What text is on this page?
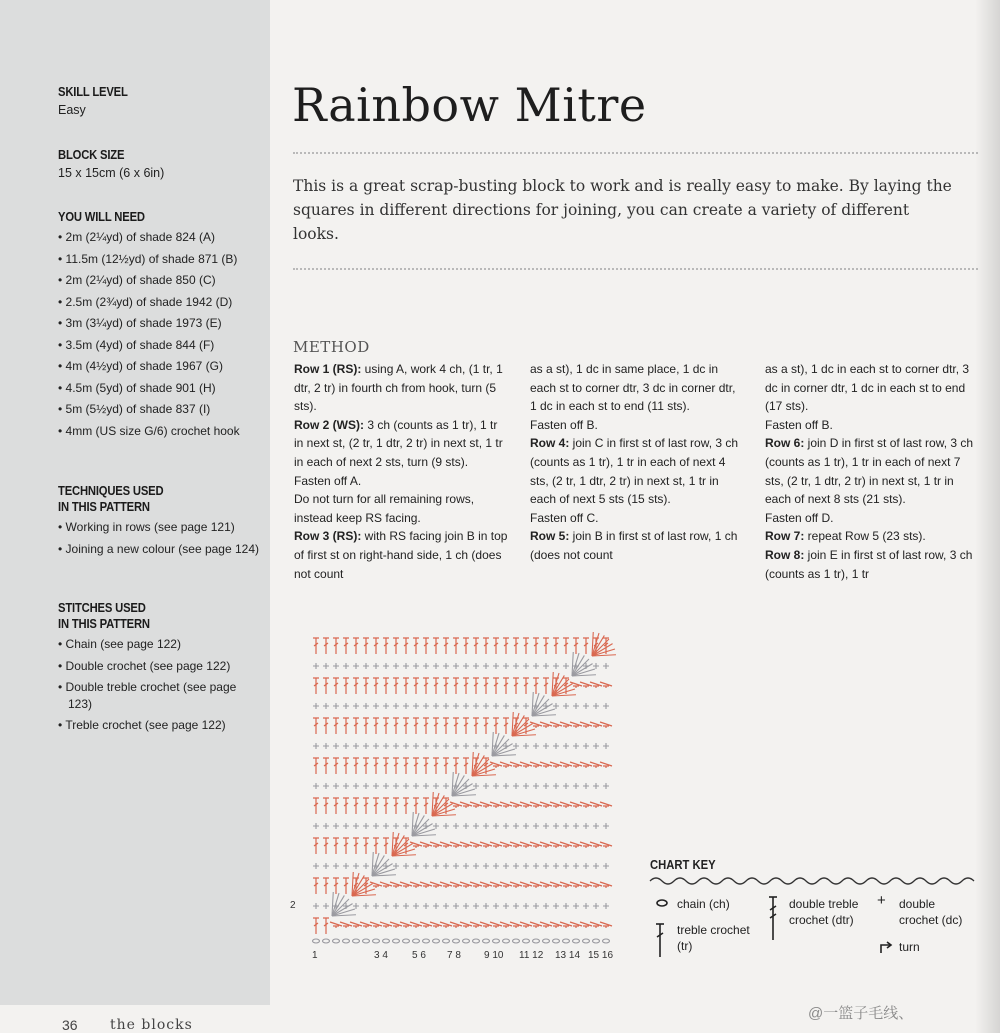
SKILL LEVEL
Easy
BLOCK SIZE
15 x 15cm (6 x 6in)
YOU WILL NEED
• 2m (2¼yd) of shade 824 (A)
• 11.5m (12½yd) of shade 871 (B)
• 2m (2¼yd) of shade 850 (C)
• 2.5m (2¾yd) of shade 1942 (D)
• 3m (3¼yd) of shade 1973 (E)
• 3.5m (4yd) of shade 844 (F)
• 4m (4½yd) of shade 1967 (G)
• 4.5m (5yd) of shade 901 (H)
• 5m (5½yd) of shade 837 (I)
• 4mm (US size G/6) crochet hook
TECHNIQUES USED
IN THIS PATTERN
• Working in rows (see page 121)
• Joining a new colour (see page 124)
STITCHES USED
IN THIS PATTERN
• Chain (see page 122)
• Double crochet (see page 122)
• Double treble crochet (see page 123)
• Treble crochet (see page 122)
Rainbow Mitre
This is a great scrap-busting block to work and is really easy to make. By laying the squares in different directions for joining, you can create a variety of different looks.
METHOD

Row 1 (RS): using A, work 4 ch, (1 tr, 1 dtr, 2 tr) in fourth ch from hook, turn (5 sts).

Row 2 (WS): 3 ch (counts as 1 tr), 1 tr in next st, (2 tr, 1 dtr, 2 tr) in next st, 1 tr in each of next 2 sts, turn (9 sts).

Fasten off A.

Do not turn for all remaining rows, instead keep RS facing.

Row 3 (RS): with RS facing join B in top of first st on right-hand side, 1 ch (does not count

as a st), 1 dc in same place, 1 dc in each st to corner dtr, 3 dc in corner dtr, 1 dc in each st to end (11 sts).

Fasten off B.

Row 4: join C in first st of last row, 3 ch (counts as 1 tr), 1 tr in each of next 4 sts, (2 tr, 1 dtr, 2 tr) in next st, 1 tr in each of next 5 sts (15 sts).

Fasten off C.

Row 5: join B in first st of last row, 1 ch (does not count

as a st), 1 dc in each st to corner dtr, 3 dc in corner dtr, 1 dc in each st to end (17 sts).

Fasten off B.

Row 6: join D in first st of last row, 3 ch (counts as 1 tr), 1 tr in each of next 7 sts, (2 tr, 1 dtr, 2 tr) in next st, 1 tr in each of next 8 sts (21 sts).

Fasten off D.

Row 7: repeat Row 5 (23 sts).

Row 8: join E in first st of last row, 3 ch (counts as 1 tr), 1 tr

1	3 4 5 6 7 8 9 10 11 12 13 14 15 16
2
CHART KEY
chain (ch)
treble crochet (tr)
double treble crochet (dtr)
+ double crochet (dc)
turn
36 the blocks
@一篮子毛线、
